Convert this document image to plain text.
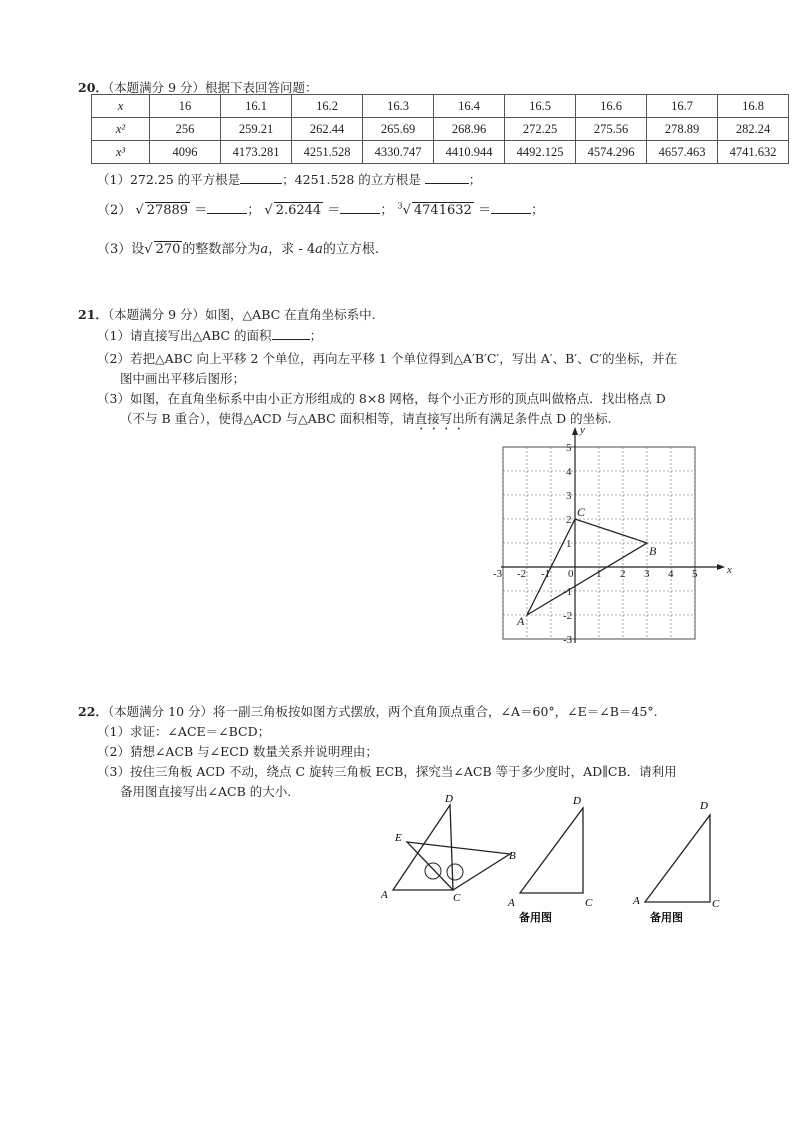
20．（本题满分 9 分）根据下表回答问题：
x	16	16.1	16.2	16.3	16.4	16.5	16.6	16.7	16.8
x²	256	259.21	262.44	265.69	268.96	272.25	275.56	278.89	282.24
x³	4096	4173.281	4251.528	4330.747	4410.944	4492.125	4574.296	4657.463	4741.632
（1）272.25 的平方根是	；4251.528 的立方根是	；
（2） √ 27889 ＝	； √ 2.6244 ＝	； $^3$√ 4741632 ＝	；
（3）设√ 270 的整数部分为a，求 - 4a的立方根.
21．（本题满分 9 分）如图，△ABC 在直角坐标系中.
（1）请直接写出△ABC 的面积	；
（2）若把△ABC 向上平移 2 个单位，再向左平移 1 个单位得到△A′B′C′，写出 A′、B′、C′的坐标，并在
图中画出平移后图形；
（3）如图，在直角坐标系中由小正方形组成的 8×8 网格，每个小正方形的顶点叫做格点．找出格点 D
（不与 B 重合），使得△ACD 与△ABC 面积相等，请直接写出所有满足条件点 D 的坐标.
-3 -2 -1	1 2 3 4 5
5
4
3
2
1
-1
-2
-3
0	x
y
A
B
C
22．（本题满分 10 分）将一副三角板按如图方式摆放，两个直角顶点重合，∠A＝60°，∠E＝∠B＝45°.
（1）求证：∠ACE＝∠BCD；
（2）猜想∠ACB 与∠ECD 数量关系并说明理由；
（3）按住三角板 ACD 不动，绕点 C 旋转三角板 ECB，探究当∠ACB 等于多少度时，AD∥CB．请利用
备用图直接写出∠ACB 的大小.	D
E
B
A	C
D
A	C
备用图
D
A	C
备用图
